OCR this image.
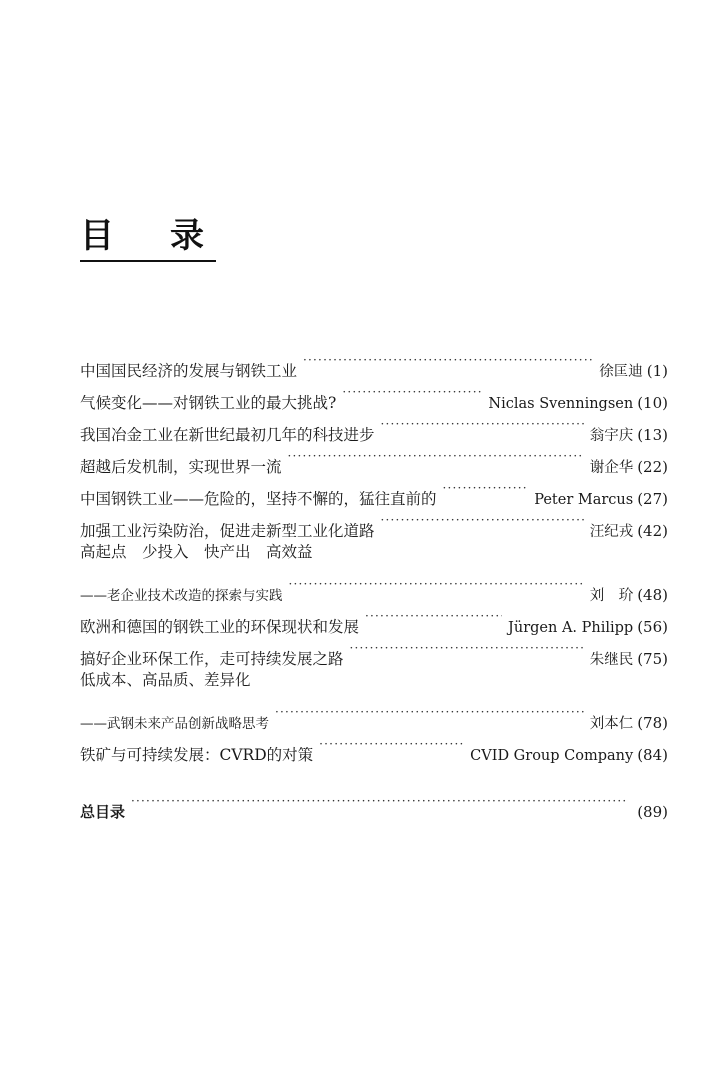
目 录
中国国民经济的发展与钢铁工业 ·····	徐匡迪 (1)
气候变化——对钢铁工业的最大挑战? ·····	Niclas Svenningsen (10)
我国冶金工业在新世纪最初几年的科技进步 ·····	翁宇庆 (13)
超越后发机制，实现世界一流 ·····	谢企华 (22)
中国钢铁工业——危险的，坚持不懈的，猛往直前的 ·····	Peter Marcus (27)
加强工业污染防治，促进走新型工业化道路 ·····	汪纪戎 (42)
高起点　少投入　快产出　高效益
——老企业技术改造的探索与实践 ·····	刘　玠 (48)
欧洲和德国的钢铁工业的环保现状和发展 ·····	Jürgen A. Philipp (56)
搞好企业环保工作，走可持续发展之路 ·····	朱继民 (75)
低成本、高品质、差异化
——武钢未来产品创新战略思考 ·····	刘本仁 (78)
铁矿与可持续发展：CVRD的对策 ·····	CVID Group Company (84)
总目录 ·····	(89)
